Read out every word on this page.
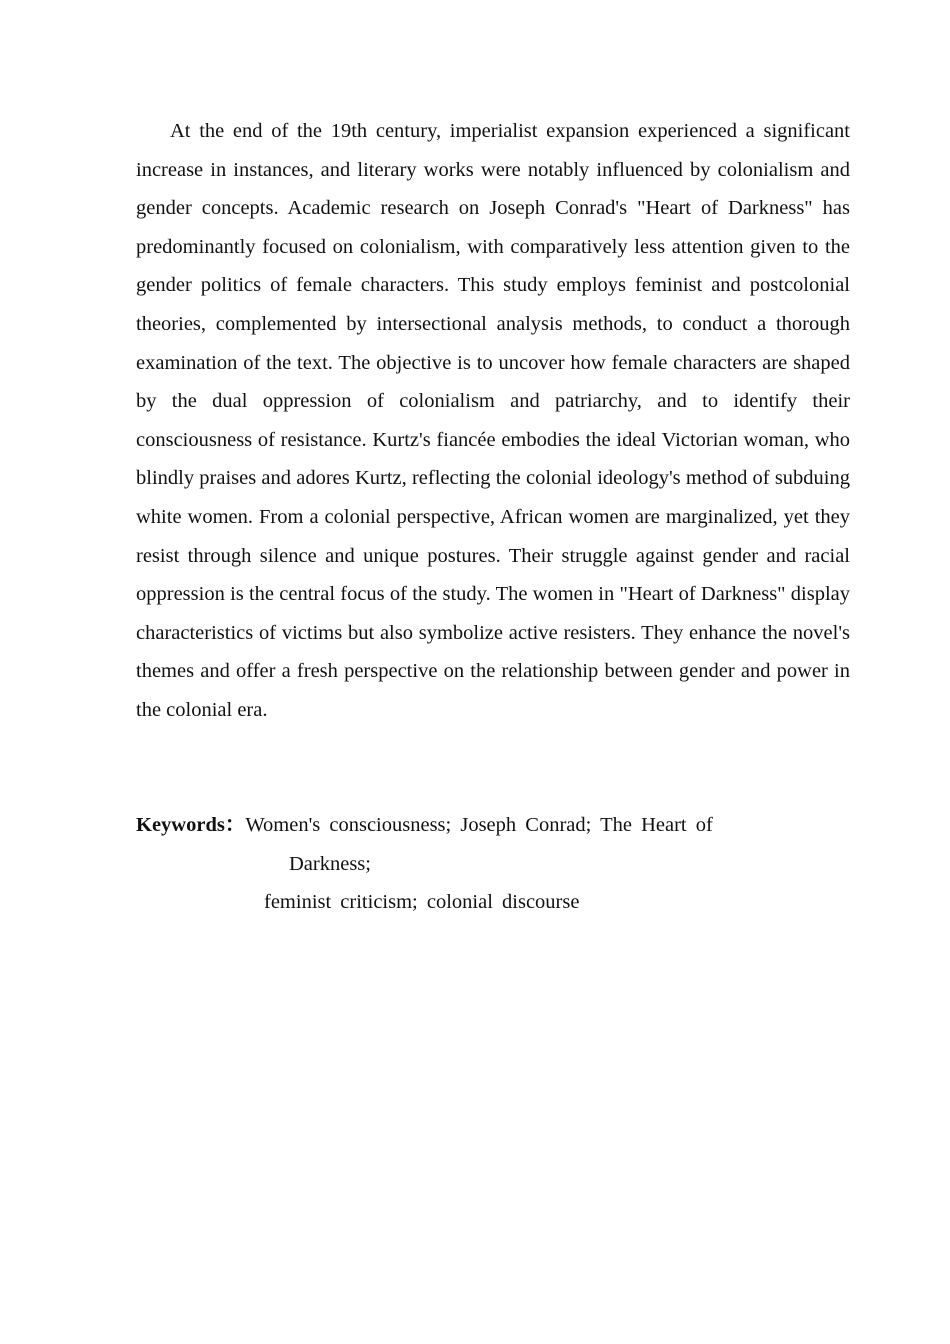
At the end of the 19th century, imperialist expansion experienced a significant increase in instances, and literary works were notably influenced by colonialism and gender concepts. Academic research on Joseph Conrad's "Heart of Darkness" has predominantly focused on colonialism, with comparatively less attention given to the gender politics of female characters. This study employs feminist and postcolonial theories, complemented by intersectional analysis methods, to conduct a thorough examination of the text. The objective is to uncover how female characters are shaped by the dual oppression of colonialism and patriarchy, and to identify their consciousness of resistance. Kurtz's fiancée embodies the ideal Victorian woman, who blindly praises and adores Kurtz, reflecting the colonial ideology's method of subduing white women. From a colonial perspective, African women are marginalized, yet they resist through silence and unique postures. Their struggle against gender and racial oppression is the central focus of the study. The women in "Heart of Darkness" display characteristics of victims but also symbolize active resisters. They enhance the novel's themes and offer a fresh perspective on the relationship between gender and power in the colonial era.

Keywords：Women's consciousness; Joseph Conrad; The Heart of
Darkness;
feminist criticism; colonial discourse
